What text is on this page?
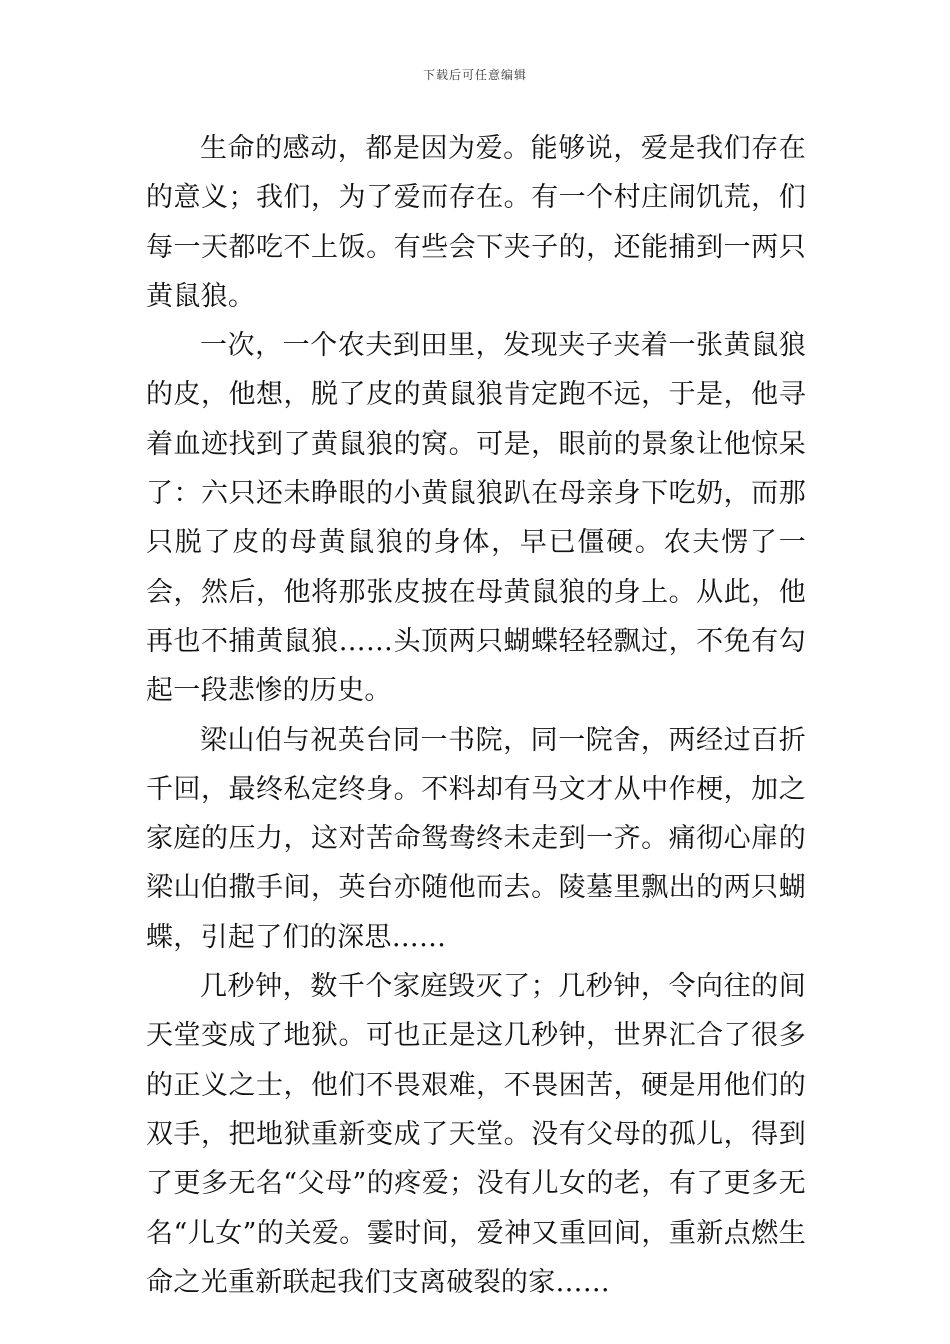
下载后可任意编辑

生命的感动，都是因为爱。能够说，爱是我们存在的意义；我们，为了爱而存在。有一个村庄闹饥荒，们每一天都吃不上饭。有些会下夹子的，还能捕到一两只黄鼠狼。

一次，一个农夫到田里，发现夹子夹着一张黄鼠狼的皮，他想，脱了皮的黄鼠狼肯定跑不远，于是，他寻着血迹找到了黄鼠狼的窝。可是，眼前的景象让他惊呆了：六只还未睁眼的小黄鼠狼趴在母亲身下吃奶，而那只脱了皮的母黄鼠狼的身体，早已僵硬。农夫愣了一会，然后，他将那张皮披在母黄鼠狼的身上。从此，他再也不捕黄鼠狼……头顶两只蝴蝶轻轻飘过，不免有勾起一段悲惨的历史。

梁山伯与祝英台同一书院，同一院舍，两经过百折千回，最终私定终身。不料却有马文才从中作梗，加之家庭的压力，这对苦命鸳鸯终未走到一齐。痛彻心扉的梁山伯撒手间，英台亦随他而去。陵墓里飘出的两只蝴蝶，引起了们的深思……

几秒钟，数千个家庭毁灭了；几秒钟，令向往的间天堂变成了地狱。可也正是这几秒钟，世界汇合了很多的正义之士，他们不畏艰难，不畏困苦，硬是用他们的双手，把地狱重新变成了天堂。没有父母的孤儿，得到了更多无名“父母”的疼爱；没有儿女的老，有了更多无名“儿女”的关爱。霎时间，爱神又重回间，重新点燃生命之光重新联起我们支离破裂的家……
